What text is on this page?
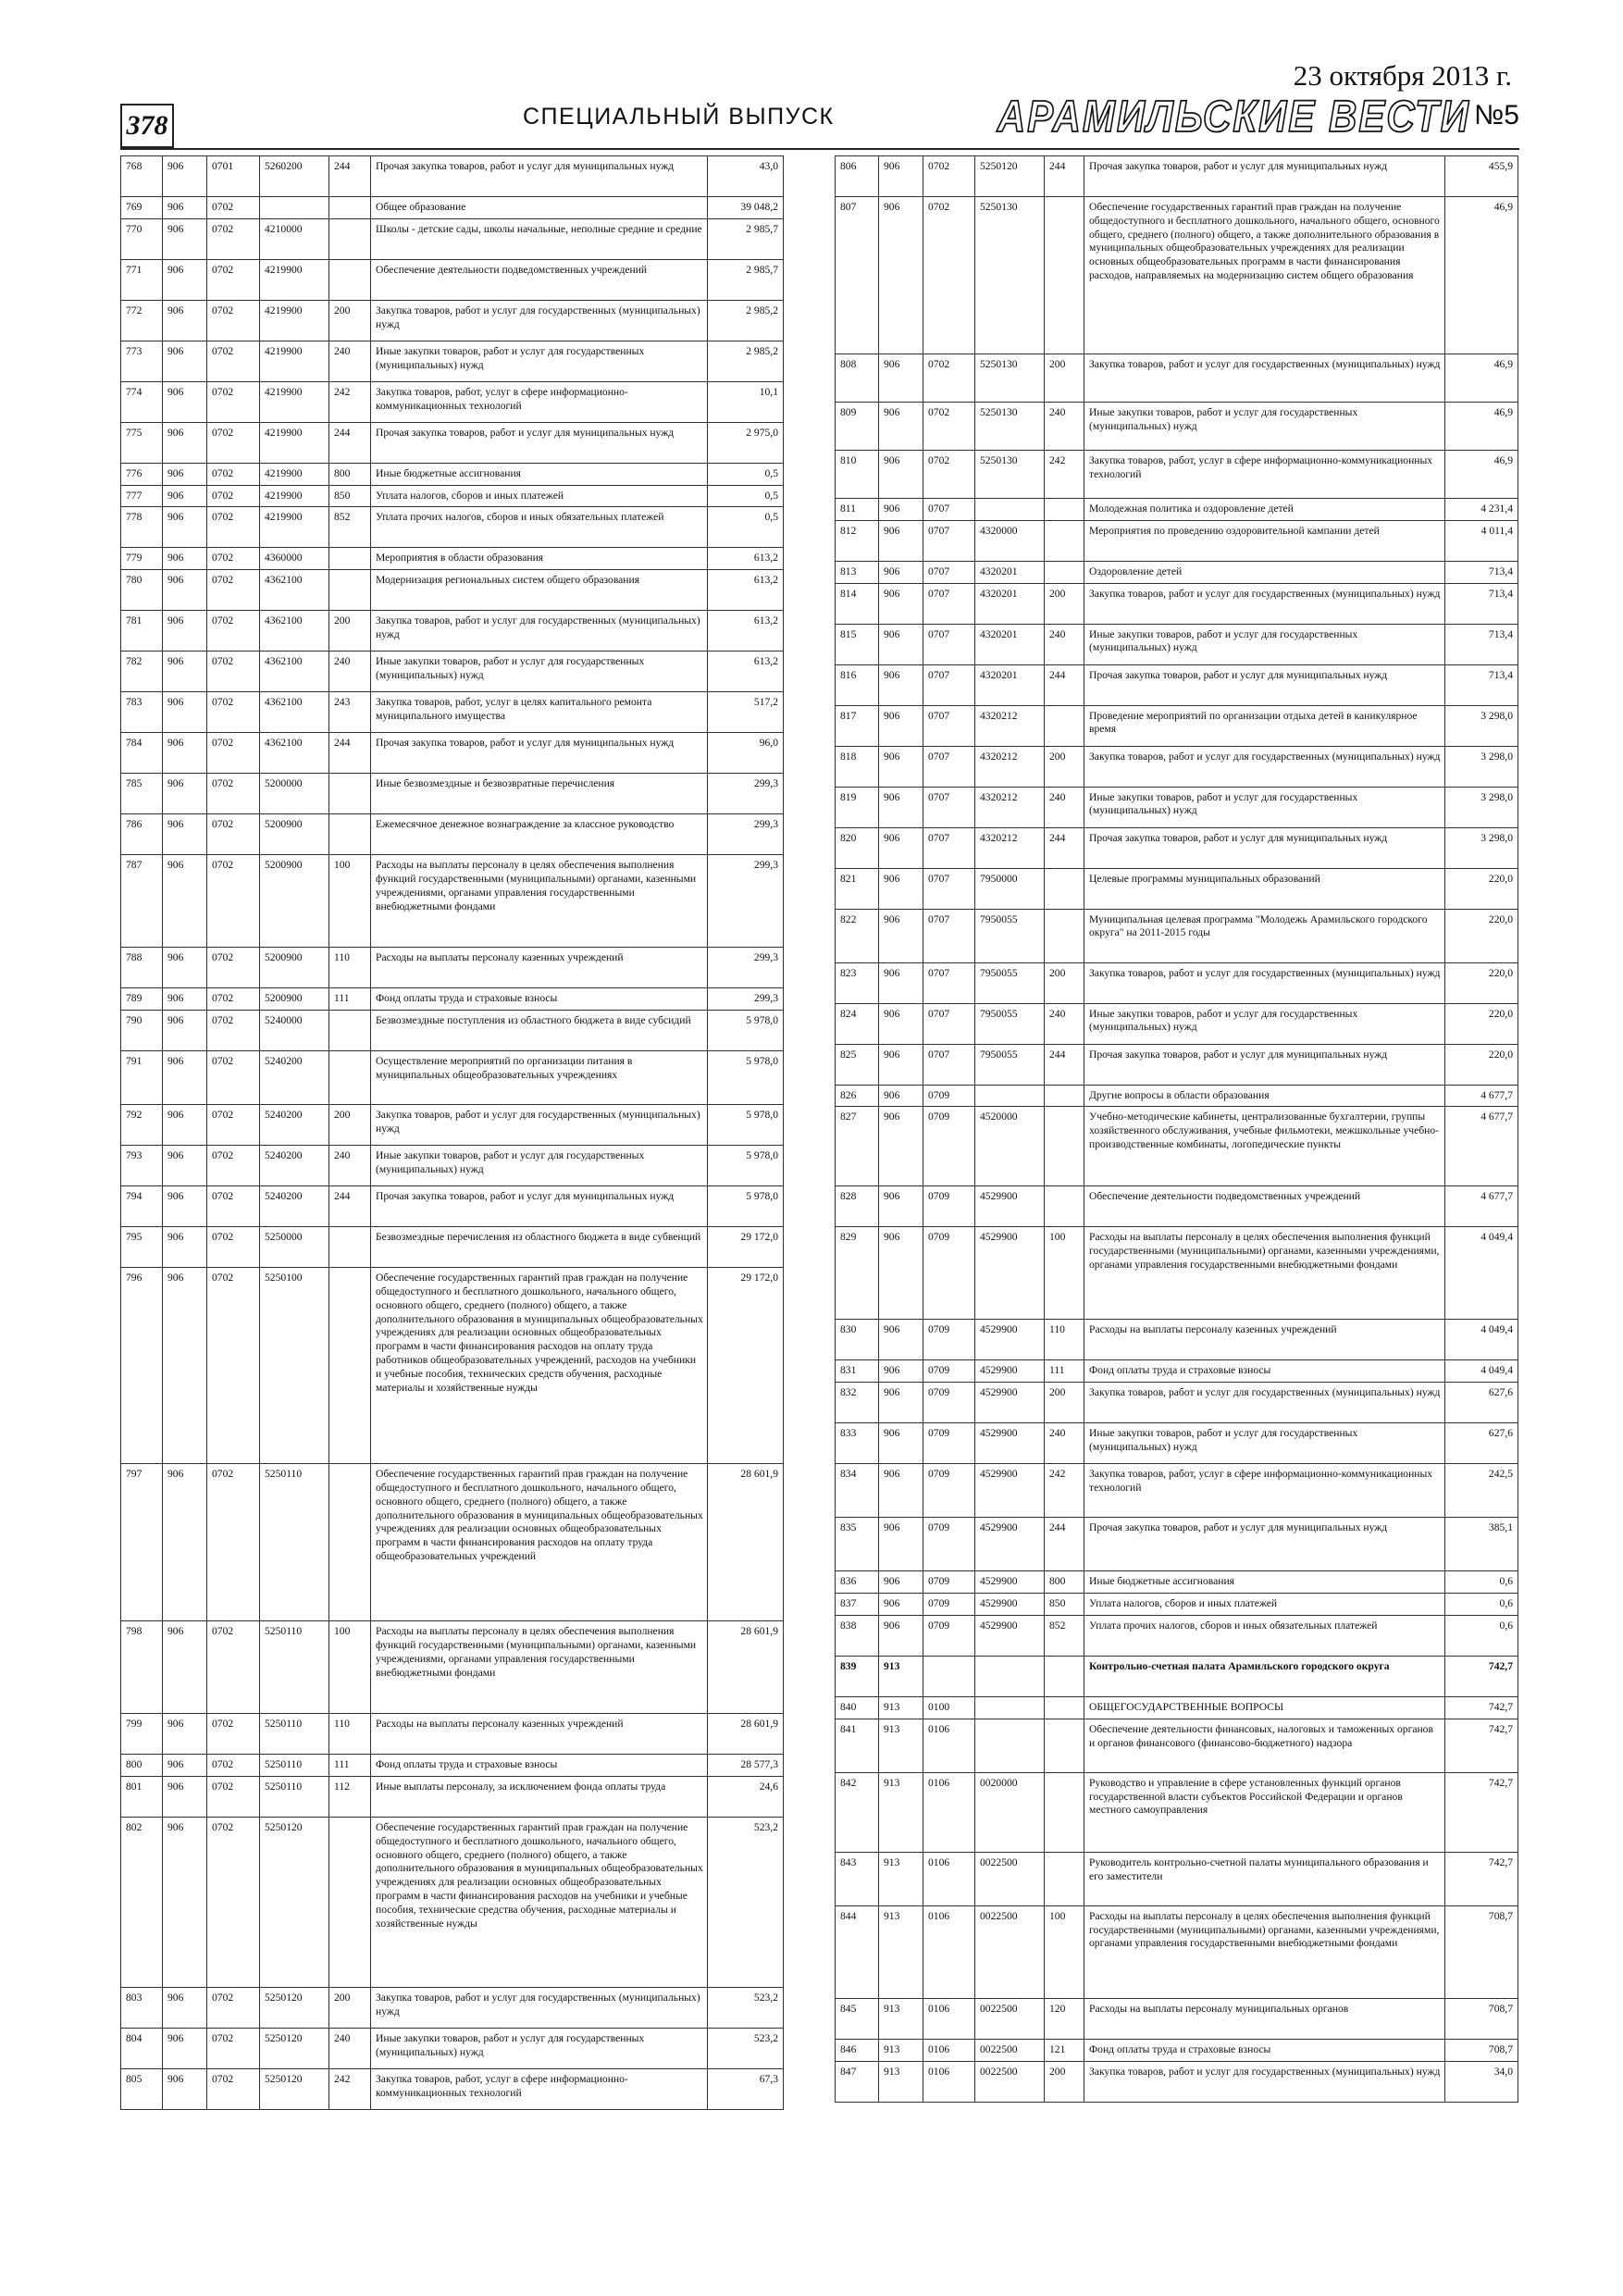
23 октября 2013 г.
378	СПЕЦИАЛЬНЫЙ ВЫПУСК	АРАМИЛЬСКИЕ ВЕСТИ №5
768	906	0701	5260200	244	Прочая закупка товаров, работ и услуг для муниципальных нужд	43,0
769	906	0702			Общее образование	39 048,2
770	906	0702	4210000		Школы - детские сады, школы начальные, неполные средние и средние	2 985,7
771	906	0702	4219900		Обеспечение деятельности подведомственных учреждений	2 985,7
772	906	0702	4219900	200	Закупка товаров, работ и услуг для государственных (муниципальных) нужд	2 985,2
773	906	0702	4219900	240	Иные закупки товаров, работ и услуг для государственных (муниципальных) нужд	2 985,2
774	906	0702	4219900	242	Закупка товаров, работ, услуг в сфере информационно-коммуникационных технологий	10,1
775	906	0702	4219900	244	Прочая закупка товаров, работ и услуг для муниципальных нужд	2 975,0
776	906	0702	4219900	800	Иные бюджетные ассигнования	0,5
777	906	0702	4219900	850	Уплата налогов, сборов и иных платежей	0,5
778	906	0702	4219900	852	Уплата прочих налогов, сборов и иных обязательных платежей	0,5
779	906	0702	4360000		Мероприятия в области образования	613,2
780	906	0702	4362100		Модернизация региональных систем общего образования	613,2
781	906	0702	4362100	200	Закупка товаров, работ и услуг для государственных (муниципальных) нужд	613,2
782	906	0702	4362100	240	Иные закупки товаров, работ и услуг для государственных (муниципальных) нужд	613,2
783	906	0702	4362100	243	Закупка товаров, работ, услуг в целях капитального ремонта муниципального имущества	517,2
784	906	0702	4362100	244	Прочая закупка товаров, работ и услуг для муниципальных нужд	96,0
785	906	0702	5200000		Иные безвозмездные и безвозвратные перечисления	299,3
786	906	0702	5200900		Ежемесячное денежное вознаграждение за классное руководство	299,3
787	906	0702	5200900	100	Расходы на выплаты персоналу в целях обеспечения выполнения функций государственными (муниципальными) органами, казенными учреждениями, органами управления государственными внебюджетными фондами	299,3
788	906	0702	5200900	110	Расходы на выплаты персоналу казенных учреждений	299,3
789	906	0702	5200900	111	Фонд оплаты труда и страховые взносы	299,3
790	906	0702	5240000		Безвозмездные поступления из областного бюджета в виде субсидий	5 978,0
791	906	0702	5240200		Осуществление мероприятий по организации питания в муниципальных общеобразовательных учреждениях	5 978,0
792	906	0702	5240200	200	Закупка товаров, работ и услуг для государственных (муниципальных) нужд	5 978,0
793	906	0702	5240200	240	Иные закупки товаров, работ и услуг для государственных (муниципальных) нужд	5 978,0
794	906	0702	5240200	244	Прочая закупка товаров, работ и услуг для муниципальных нужд	5 978,0
795	906	0702	5250000		Безвозмездные перечисления из областного бюджета в виде субвенций	29 172,0
796	906	0702	5250100		Обеспечение государственных гарантий прав граждан на получение общедоступного и бесплатного дошкольного, начального общего, основного общего, среднего (полного) общего, а также дополнительного образования в муниципальных общеобразовательных учреждениях для реализации основных общеобразовательных программ в части финансирования расходов на оплату труда работников общеобразовательных учреждений, расходов на учебники и учебные пособия, технических средств обучения, расходные материалы и хозяйственные нужды	29 172,0
797	906	0702	5250110		Обеспечение государственных гарантий прав граждан на получение общедоступного и бесплатного дошкольного, начального общего, основного общего, среднего (полного) общего, а также дополнительного образования в муниципальных общеобразовательных учреждениях для реализации основных общеобразовательных программ в части финансирования расходов на оплату труда общеобразовательных учреждений	28 601,9
798	906	0702	5250110	100	Расходы на выплаты персоналу в целях обеспечения выполнения функций государственными (муниципальными) органами, казенными учреждениями, органами управления государственными внебюджетными фондами	28 601,9
799	906	0702	5250110	110	Расходы на выплаты персоналу казенных учреждений	28 601,9
800	906	0702	5250110	111	Фонд оплаты труда и страховые взносы	28 577,3
801	906	0702	5250110	112	Иные выплаты персоналу, за исключением фонда оплаты труда	24,6
802	906	0702	5250120		Обеспечение государственных гарантий прав граждан на получение общедоступного и бесплатного дошкольного, начального общего, основного общего, среднего (полного) общего, а также дополнительного образования в муниципальных общеобразовательных учреждениях для реализации основных общеобразовательных программ в части финансирования расходов на учебники и учебные пособия, технические средства обучения, расходные материалы и хозяйственные нужды	523,2
803	906	0702	5250120	200	Закупка товаров, работ и услуг для государственных (муниципальных) нужд	523,2
804	906	0702	5250120	240	Иные закупки товаров, работ и услуг для государственных (муниципальных) нужд	523,2
805	906	0702	5250120	242	Закупка товаров, работ, услуг в сфере информационно-коммуникационных технологий	67,3
806	906	0702	5250120	244	Прочая закупка товаров, работ и услуг для муниципальных нужд	455,9
807	906	0702	5250130		Обеспечение государственных гарантий прав граждан на получение общедоступного и бесплатного дошкольного, начального общего, основного общего, среднего (полного) общего, а также дополнительного образования в муниципальных общеобразовательных учреждениях для реализации основных общеобразовательных программ в части финансирования расходов, направляемых на модернизацию систем общего образования	46,9
808	906	0702	5250130	200	Закупка товаров, работ и услуг для государственных (муниципальных) нужд	46,9
809	906	0702	5250130	240	Иные закупки товаров, работ и услуг для государственных (муниципальных) нужд	46,9
810	906	0702	5250130	242	Закупка товаров, работ, услуг в сфере информационно-коммуникационных технологий	46,9
811	906	0707			Молодежная политика и оздоровление детей	4 231,4
812	906	0707	4320000		Мероприятия по проведению оздоровительной кампании детей	4 011,4
813	906	0707	4320201		Оздоровление детей	713,4
814	906	0707	4320201	200	Закупка товаров, работ и услуг для государственных (муниципальных) нужд	713,4
815	906	0707	4320201	240	Иные закупки товаров, работ и услуг для государственных (муниципальных) нужд	713,4
816	906	0707	4320201	244	Прочая закупка товаров, работ и услуг для муниципальных нужд	713,4
817	906	0707	4320212		Проведение мероприятий по организации отдыха детей в каникулярное время	3 298,0
818	906	0707	4320212	200	Закупка товаров, работ и услуг для государственных (муниципальных) нужд	3 298,0
819	906	0707	4320212	240	Иные закупки товаров, работ и услуг для государственных (муниципальных) нужд	3 298,0
820	906	0707	4320212	244	Прочая закупка товаров, работ и услуг для муниципальных нужд	3 298,0
821	906	0707	7950000		Целевые программы муниципальных образований	220,0
822	906	0707	7950055		Муниципальная целевая программа "Молодежь Арамильского городского округа" на 2011-2015 годы	220,0
823	906	0707	7950055	200	Закупка товаров, работ и услуг для государственных (муниципальных) нужд	220,0
824	906	0707	7950055	240	Иные закупки товаров, работ и услуг для государственных (муниципальных) нужд	220,0
825	906	0707	7950055	244	Прочая закупка товаров, работ и услуг для муниципальных нужд	220,0
826	906	0709			Другие вопросы в области образования	4 677,7
827	906	0709	4520000		Учебно-методические кабинеты, централизованные бухгалтерии, группы хозяйственного обслуживания, учебные фильмотеки, межшкольные учебно-производственные комбинаты, логопедические пункты	4 677,7
828	906	0709	4529900		Обеспечение деятельности подведомственных учреждений	4 677,7
829	906	0709	4529900	100	Расходы на выплаты персоналу в целях обеспечения выполнения функций государственными (муниципальными) органами, казенными учреждениями, органами управления государственными внебюджетными фондами	4 049,4
830	906	0709	4529900	110	Расходы на выплаты персоналу казенных учреждений	4 049,4
831	906	0709	4529900	111	Фонд оплаты труда и страховые взносы	4 049,4
832	906	0709	4529900	200	Закупка товаров, работ и услуг для государственных (муниципальных) нужд	627,6
833	906	0709	4529900	240	Иные закупки товаров, работ и услуг для государственных (муниципальных) нужд	627,6
834	906	0709	4529900	242	Закупка товаров, работ, услуг в сфере информационно-коммуникационных технологий	242,5
835	906	0709	4529900	244	Прочая закупка товаров, работ и услуг для муниципальных нужд	385,1
836	906	0709	4529900	800	Иные бюджетные ассигнования	0,6
837	906	0709	4529900	850	Уплата налогов, сборов и иных платежей	0,6
838	906	0709	4529900	852	Уплата прочих налогов, сборов и иных обязательных платежей	0,6
839	913				Контрольно-счетная палата Арамильского городского округа	742,7
840	913	0100			ОБЩЕГОСУДАРСТВЕННЫЕ ВОПРОСЫ	742,7
841	913	0106			Обеспечение деятельности финансовых, налоговых и таможенных органов и органов финансового (финансово-бюджетного) надзора	742,7
842	913	0106	0020000		Руководство и управление в сфере установленных функций органов государственной власти субъектов Российской Федерации и органов местного самоуправления	742,7
843	913	0106	0022500		Руководитель контрольно-счетной палаты муниципального образования и его заместители	742,7
844	913	0106	0022500	100	Расходы на выплаты персоналу в целях обеспечения выполнения функций государственными (муниципальными) органами, казенными учреждениями, органами управления государственными внебюджетными фондами	708,7
845	913	0106	0022500	120	Расходы на выплаты персоналу муниципальных органов	708,7
846	913	0106	0022500	121	Фонд оплаты труда и страховые взносы	708,7
847	913	0106	0022500	200	Закупка товаров, работ и услуг для государственных (муниципальных) нужд	34,0
